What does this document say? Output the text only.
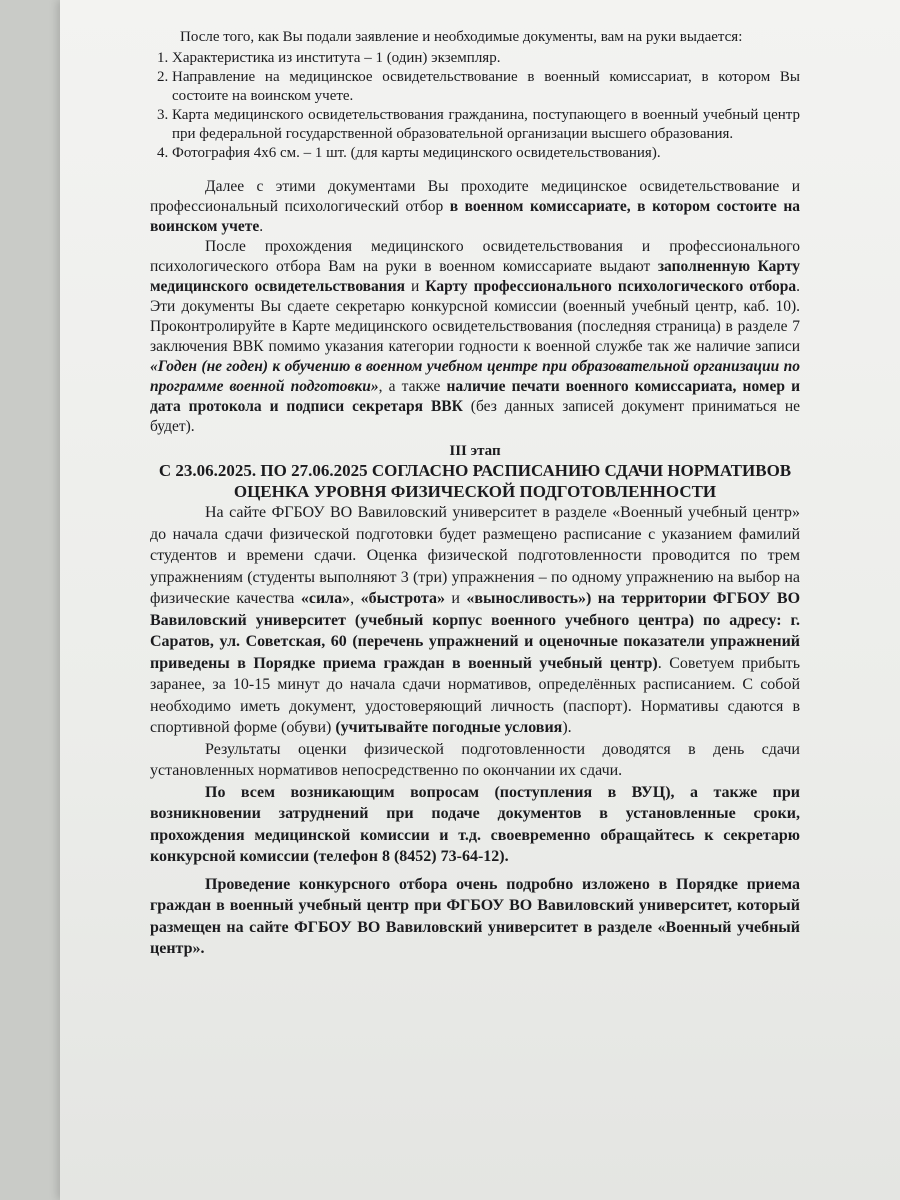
После того, как Вы подали заявление и необходимые документы, вам на руки выдается:

1. Характеристика из института – 1 (один) экземпляр.
2. Направление на медицинское освидетельствование в военный комиссариат, в котором Вы состоите на воинском учете.
3. Карта медицинского освидетельствования гражданина, поступающего в военный учебный центр при федеральной государственной образовательной организации высшего образования.
4. Фотография 4х6 см. – 1 шт. (для карты медицинского освидетельствования).

Далее с этими документами Вы проходите медицинское освидетельствование и профессиональный психологический отбор в военном комиссариате, в котором состоите на воинском учете.

После прохождения медицинского освидетельствования и профессионального психологического отбора Вам на руки в военном комиссариате выдают заполненную Карту медицинского освидетельствования и Карту профессионального психологического отбора. Эти документы Вы сдаете секретарю конкурсной комиссии (военный учебный центр, каб. 10). Проконтролируйте в Карте медицинского освидетельствования (последняя страница) в разделе 7 заключения ВВК помимо указания категории годности к военной службе так же наличие записи «Годен (не годен) к обучению в военном учебном центре при образовательной организации по программе военной подготовки», а также наличие печати военного комиссариата, номер и дата протокола и подписи секретаря ВВК (без данных записей документ приниматься не будет).

III этап

С 23.06.2025. ПО 27.06.2025 СОГЛАСНО РАСПИСАНИЮ СДАЧИ НОРМАТИВОВ ОЦЕНКА УРОВНЯ ФИЗИЧЕСКОЙ ПОДГОТОВЛЕННОСТИ

На сайте ФГБОУ ВО Вавиловский университет в разделе «Военный учебный центр» до начала сдачи физической подготовки будет размещено расписание с указанием фамилий студентов и времени сдачи. Оценка физической подготовленности проводится по трем упражнениям (студенты выполняют 3 (три) упражнения – по одному упражнению на выбор на физические качества «сила», «быстрота» и «выносливость») на территории ФГБОУ ВО Вавиловский университет (учебный корпус военного учебного центра) по адресу: г. Саратов, ул. Советская, 60 (перечень упражнений и оценочные показатели упражнений приведены в Порядке приема граждан в военный учебный центр). Советуем прибыть заранее, за 10-15 минут до начала сдачи нормативов, определённых расписанием. С собой необходимо иметь документ, удостоверяющий личность (паспорт). Нормативы сдаются в спортивной форме (обуви) (учитывайте погодные условия).

Результаты оценки физической подготовленности доводятся в день сдачи установленных нормативов непосредственно по окончании их сдачи.

По всем возникающим вопросам (поступления в ВУЦ), а также при возникновении затруднений при подаче документов в установленные сроки, прохождения медицинской комиссии и т.д. своевременно обращайтесь к секретарю конкурсной комиссии (телефон 8 (8452) 73-64-12).

Проведение конкурсного отбора очень подробно изложено в Порядке приема граждан в военный учебный центр при ФГБОУ ВО Вавиловский университет, который размещен на сайте ФГБОУ ВО Вавиловский университет в разделе «Военный учебный центр».
